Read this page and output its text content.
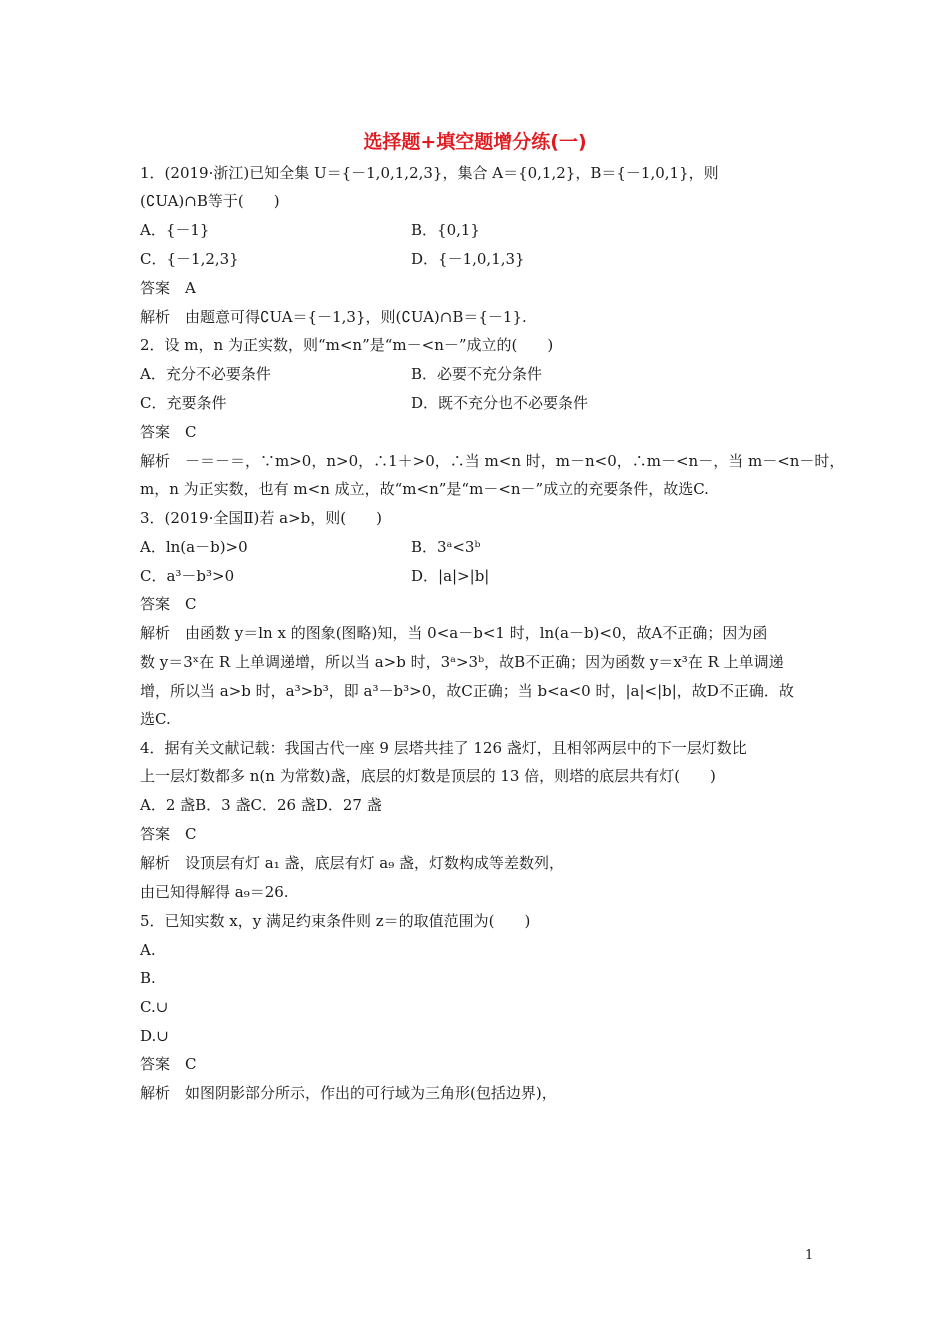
选择题+填空题增分练(一)
1．(2019·浙江)已知全集 U＝{－1,0,1,2,3}，集合 A＝{0,1,2}，B＝{－1,0,1}，则
(∁UA)∩B等于(　　)
A．{－1}	B．{0,1}
C．{－1,2,3}	D．{－1,0,1,3}
答案　A
解析　由题意可得∁UA＝{－1,3}，则(∁UA)∩B＝{－1}.
2．设 m，n 为正实数，则“m<n”是“m－<n－”成立的(　　)
A．充分不必要条件	B．必要不充分条件
C．充要条件	D．既不充分也不必要条件
答案　C
解析　－＝－＝，∵m>0，n>0，∴1＋>0，∴当 m<n 时，m－n<0，∴m－<n－，当 m－<n－时，
m，n 为正实数，也有 m<n 成立，故“m<n”是“m－<n－”成立的充要条件，故选C.
3．(2019·全国Ⅱ)若 a>b，则(　　)
A．ln(a－b)>0	B．3ᵃ<3ᵇ
C．a³－b³>0	D．|a|>|b|
答案　C
解析　由函数 y＝ln x 的图象(图略)知，当 0<a－b<1 时，ln(a－b)<0，故A不正确；因为函
数 y＝3ˣ在 R 上单调递增，所以当 a>b 时，3ᵃ>3ᵇ，故B不正确；因为函数 y＝x³在 R 上单调递
增，所以当 a>b 时，a³>b³，即 a³－b³>0，故C正确；当 b<a<0 时，|a|<|b|，故D不正确．故
选C.
4．据有关文献记载：我国古代一座 9 层塔共挂了 126 盏灯，且相邻两层中的下一层灯数比
上一层灯数都多 n(n 为常数)盏，底层的灯数是顶层的 13 倍，则塔的底层共有灯(　　)
A．2 盏B．3 盏C．26 盏D．27 盏
答案　C
解析　设顶层有灯 a₁ 盏，底层有灯 a₉ 盏，灯数构成等差数列，
由已知得解得 a₉＝26.
5．已知实数 x，y 满足约束条件则 z＝的取值范围为(　　)
A.
B.
C.∪
D.∪
答案　C
解析　如图阴影部分所示，作出的可行域为三角形(包括边界)，
1
